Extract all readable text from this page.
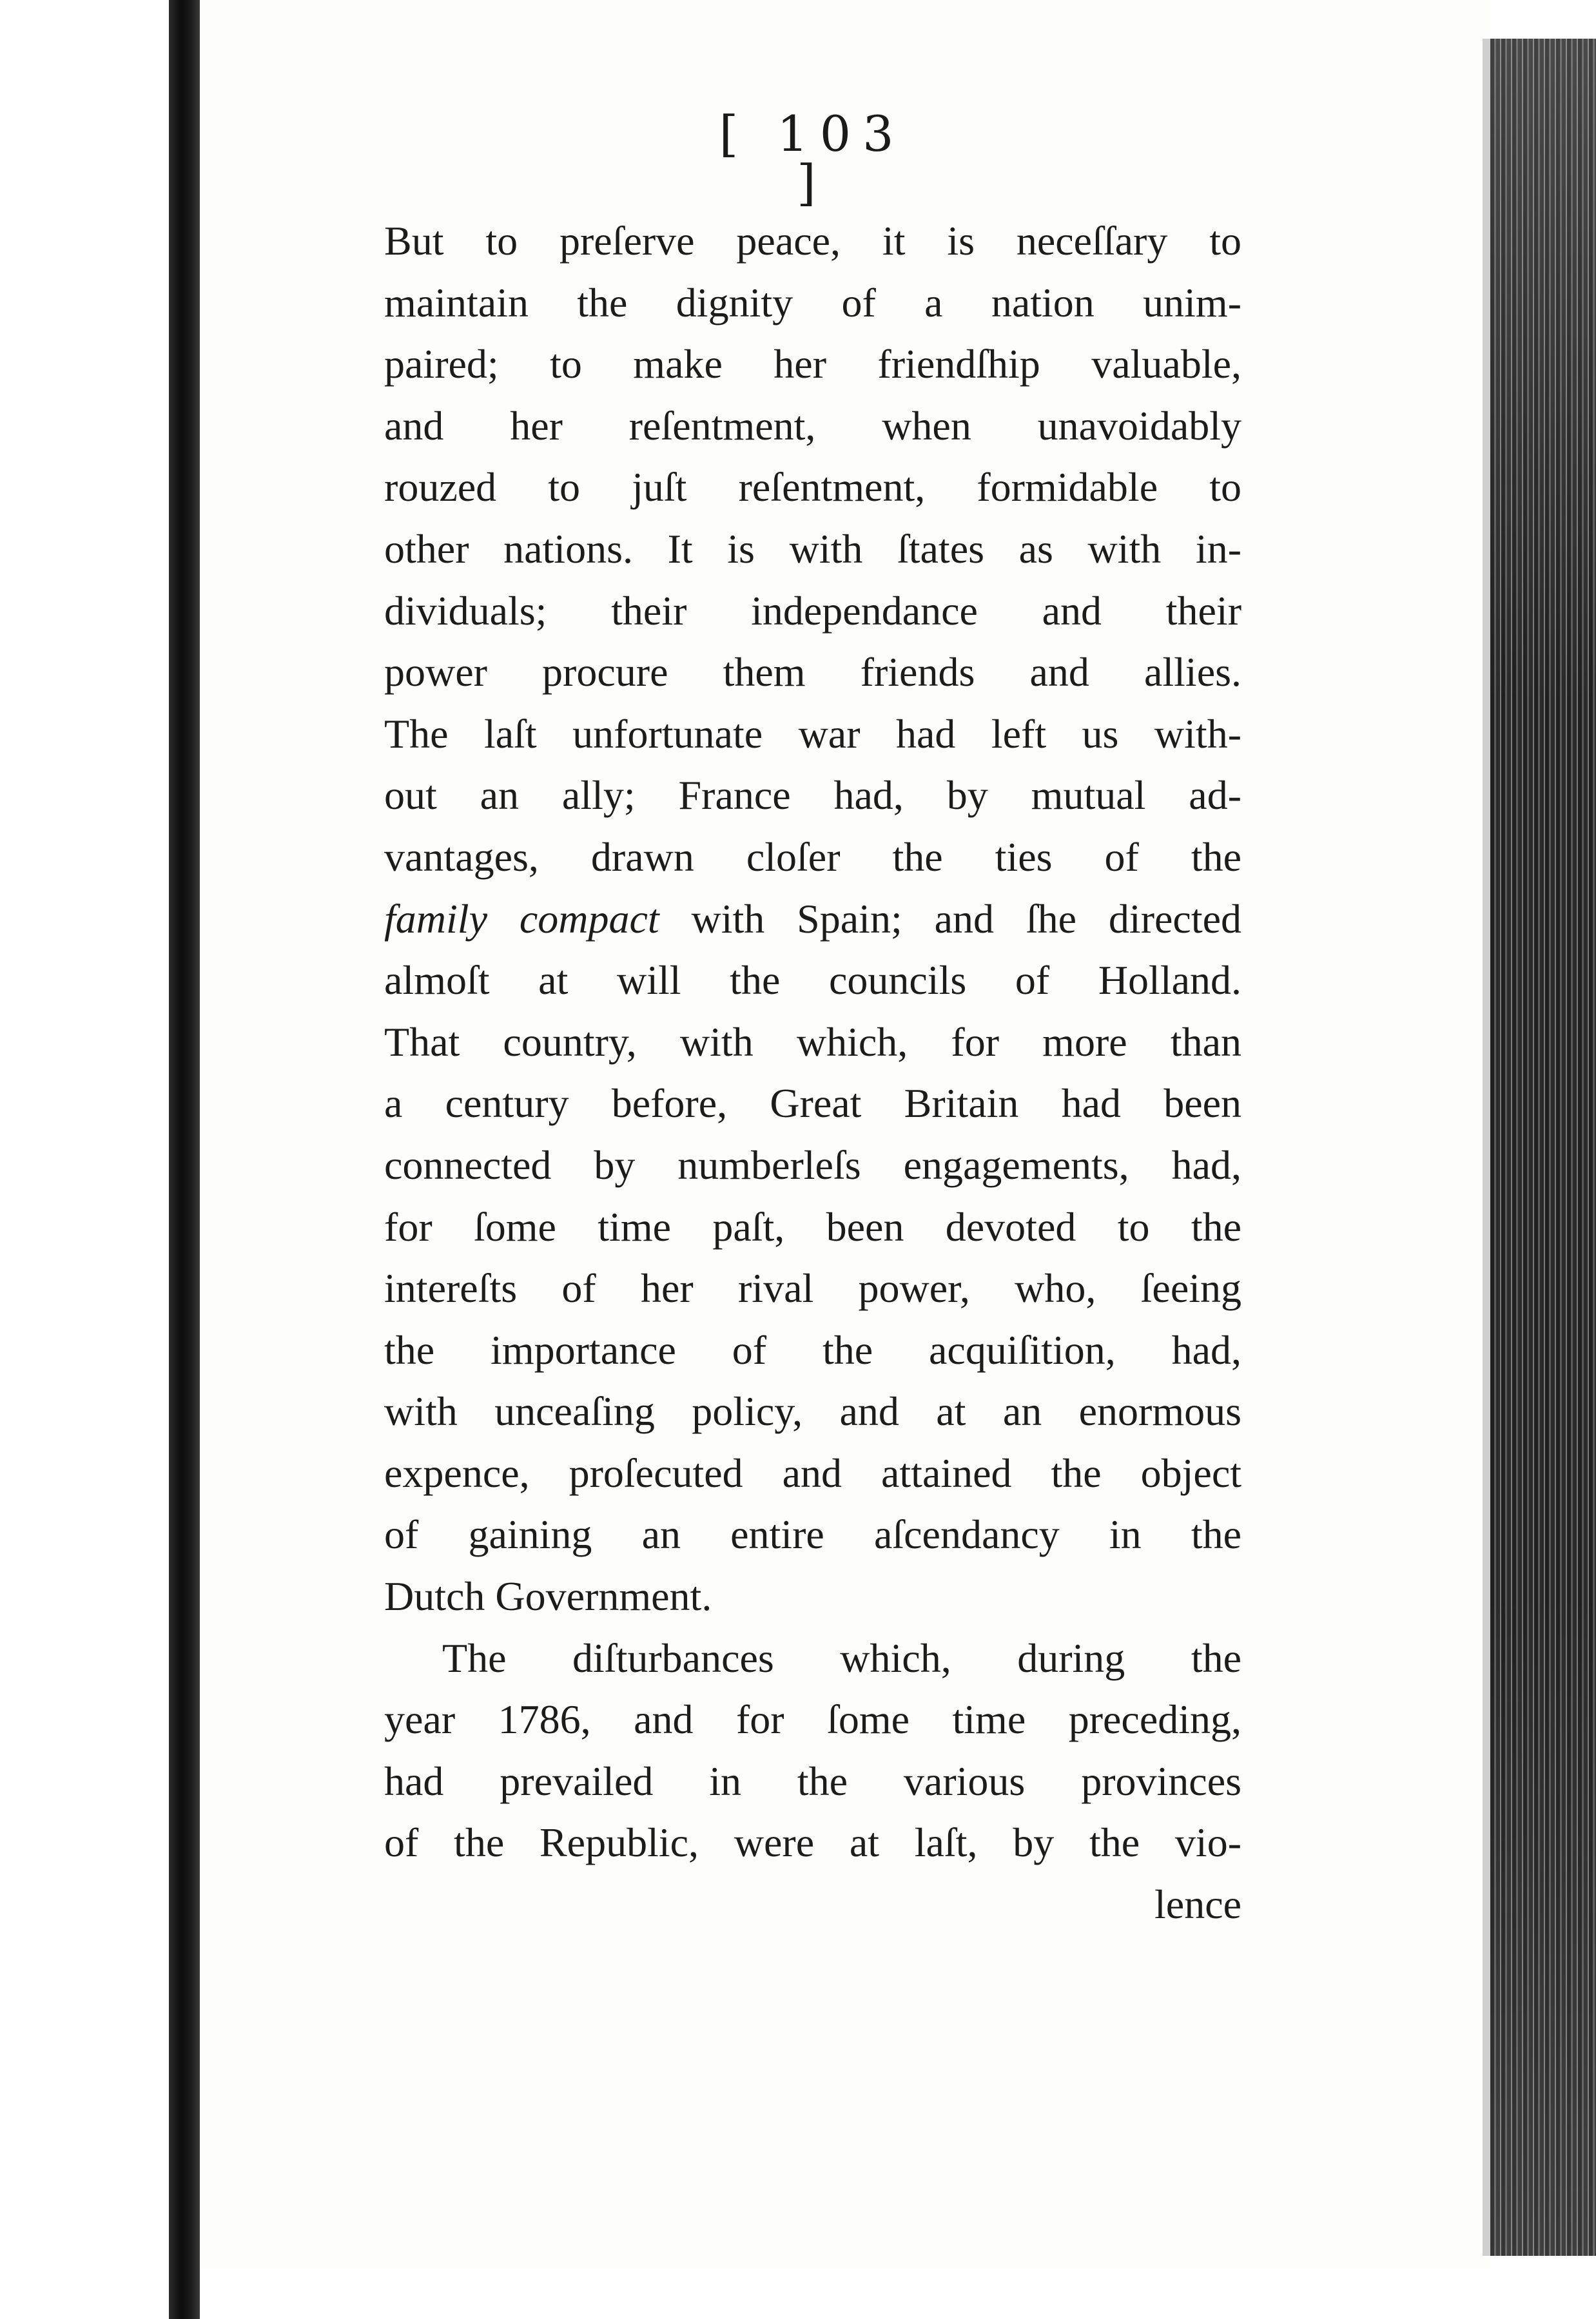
[ 103 ]
But to preſerve peace, it is neceſſary to
maintain the dignity of a nation unim-
paired; to make her friendſhip valuable,
and her reſentment, when unavoidably
rouzed to juſt reſentment, formidable to
other nations. It is with ſtates as with in-
dividuals; their independance and their
power procure them friends and allies.
The laſt unfortunate war had left us with-
out an ally; France had, by mutual ad-
vantages, drawn cloſer the ties of the
family compact with Spain; and ſhe directed
almoſt at will the councils of Holland.
That country, with which, for more than
a century before, Great Britain had been
connected by numberleſs engagements, had,
for ſome time paſt, been devoted to the
intereſts of her rival power, who, ſeeing
the importance of the acquiſition, had,
with unceaſing policy, and at an enormous
expence, proſecuted and attained the object
of gaining an entire aſcendancy in the
Dutch Government.
The diſturbances which, during the
year 1786, and for ſome time preceding,
had prevailed in the various provinces
of the Republic, were at laſt, by the vio-
lence
